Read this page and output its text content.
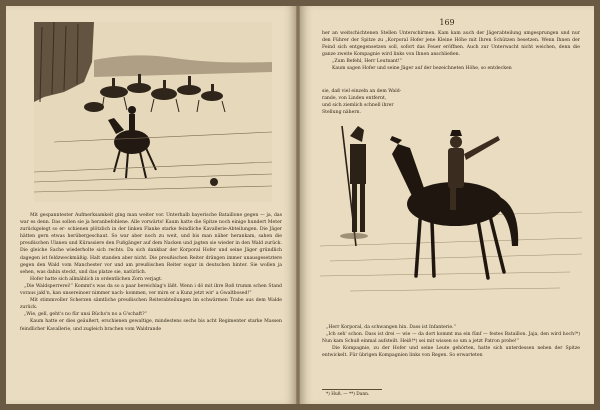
Mit gespanntester Aufmerksamkeit ging man weiter vor. Unterhalb bayerische Bataillone gegen — ja, das war es denn. Das sollen sie ja heranbefohlene. Alle vorwärts! Kaum hatte die Spitze noch einige hundert Meter zurückgelegt so er- schienen plötzlich in der linken Flanke starke feindliche Kavallerie-Abteilungen. Die Jäger hätten gern etwas herübergeschaut. So war aber noch zu weit, und bis man näher herankam, sahen die preußischen Ulanen und Kürassiere den Fußgänger auf dem Nacken und jagten sie wieder in den Wald zurück. Die gleiche Sache wiederholte sich rechts. Da sich dankbar der Korporal Hofer und seine Jäger gründlich dagegen ist feldzweckmäßig. Halt standen aber nicht. Die preußischen Reiter drängen immer unausgesetztere gegen den Wald vom Manchester vor und am preußischen Reiter sogar in deutschen hinter. Sie wollen ja sehen, was dahin steckt, und das platze sie, natürlich.

Hofer hatte sich allmählich in ordentlichen Zorn verjagt.

„Die Waldsperrerei!“ Kommt's was da so a paar bereichlag's läßt. Wenn i dö mit ihre Roß trumm schen Stand voraus jakl'n, kan unsereinoer nimmer nach- kommen, ver mirn er a Kunz jetzt wir' a Gwaltbosed!“

Mit stimmvoller Scherzen sämtliche preußischen Reiterabteilungen im schwärmen Trabe aus dem Walde zurück.

„Wie, gell, geht's no für unsi Büchs'n no a G'schaft?“

Kaum hatte er dies geäußert, erschienen gewaltige, mindestens sechs bis acht Regimenter starke Massen feindlicher Kavallerie, und zugleich brachen vom Waldrande

169

her an weitschichtenen Stellen Unterschirmen. Kam kam auch der Jägerabteilung umgesprungen und nur den Führer der Spitze zu „Korporal Hofer jene Kleine Höhe mit Ihren Schützen besetzen. Wenn Ihnen der Feind sich entgegensetzen soll, sofort das Feuer eröffnen. Auch zur Unterwacht nicht weichen, denn die ganze zweite Kompagnie wird links von Ihnen anschließen.

„Zum Befehl, Herr Leutnant!“

Kaum sagen Hofer und seine Jäger auf der bezeichneten Höhe, so entdecken

sie, daß viel einzeln an dem Wald-

rande, von Linden entfernt,

und sich ziemlich schnell ihrer

Stellung nähern.

„Herr Korporal, da schwangen hin. Dass ist Infanterie.“

„Ich seh' schon. Dass ist drei — wie — da dort kommt ma ein fünf — festes Bataillon. Jaja, den wird hoch!*) Nun kam Schuß einmal aufsteilt. Heiß!*) sei mit wissen so um a jetzt Patron probe!“

Die Kompagnie, zu der Hofer und seine Leute gehörten, hatte sich unterdessen neben der Spitze entwickelt. Für übrigen Kompagnien links von Regen. So erwarteten

*) Huß. — **) Dann.
